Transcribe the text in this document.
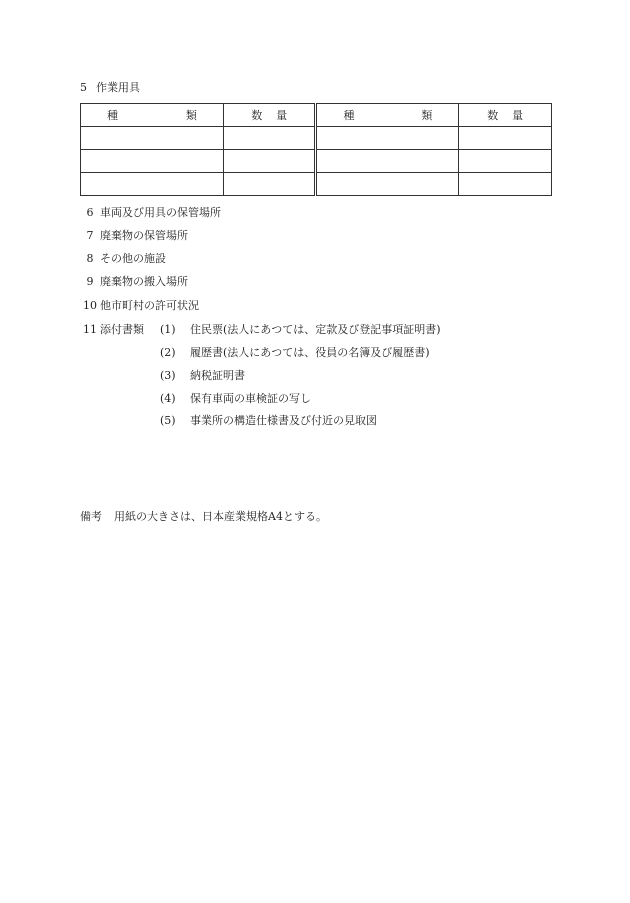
5 作業用具
種 類	数量	種 類	数量

6 車両及び用具の保管場所
7 廃棄物の保管場所
8 その他の施設
9 廃棄物の搬入場所
10 他市町村の許可状況
11 添付書類 (1) 住民票(法人にあつては、定款及び登記事項証明書)
(2) 履歴書(法人にあつては、役員の名簿及び履歴書)
(3) 納税証明書
(4) 保有車両の車検証の写し
(5) 事業所の構造仕様書及び付近の見取図
備考 用紙の大きさは、日本産業規格A4とする。
